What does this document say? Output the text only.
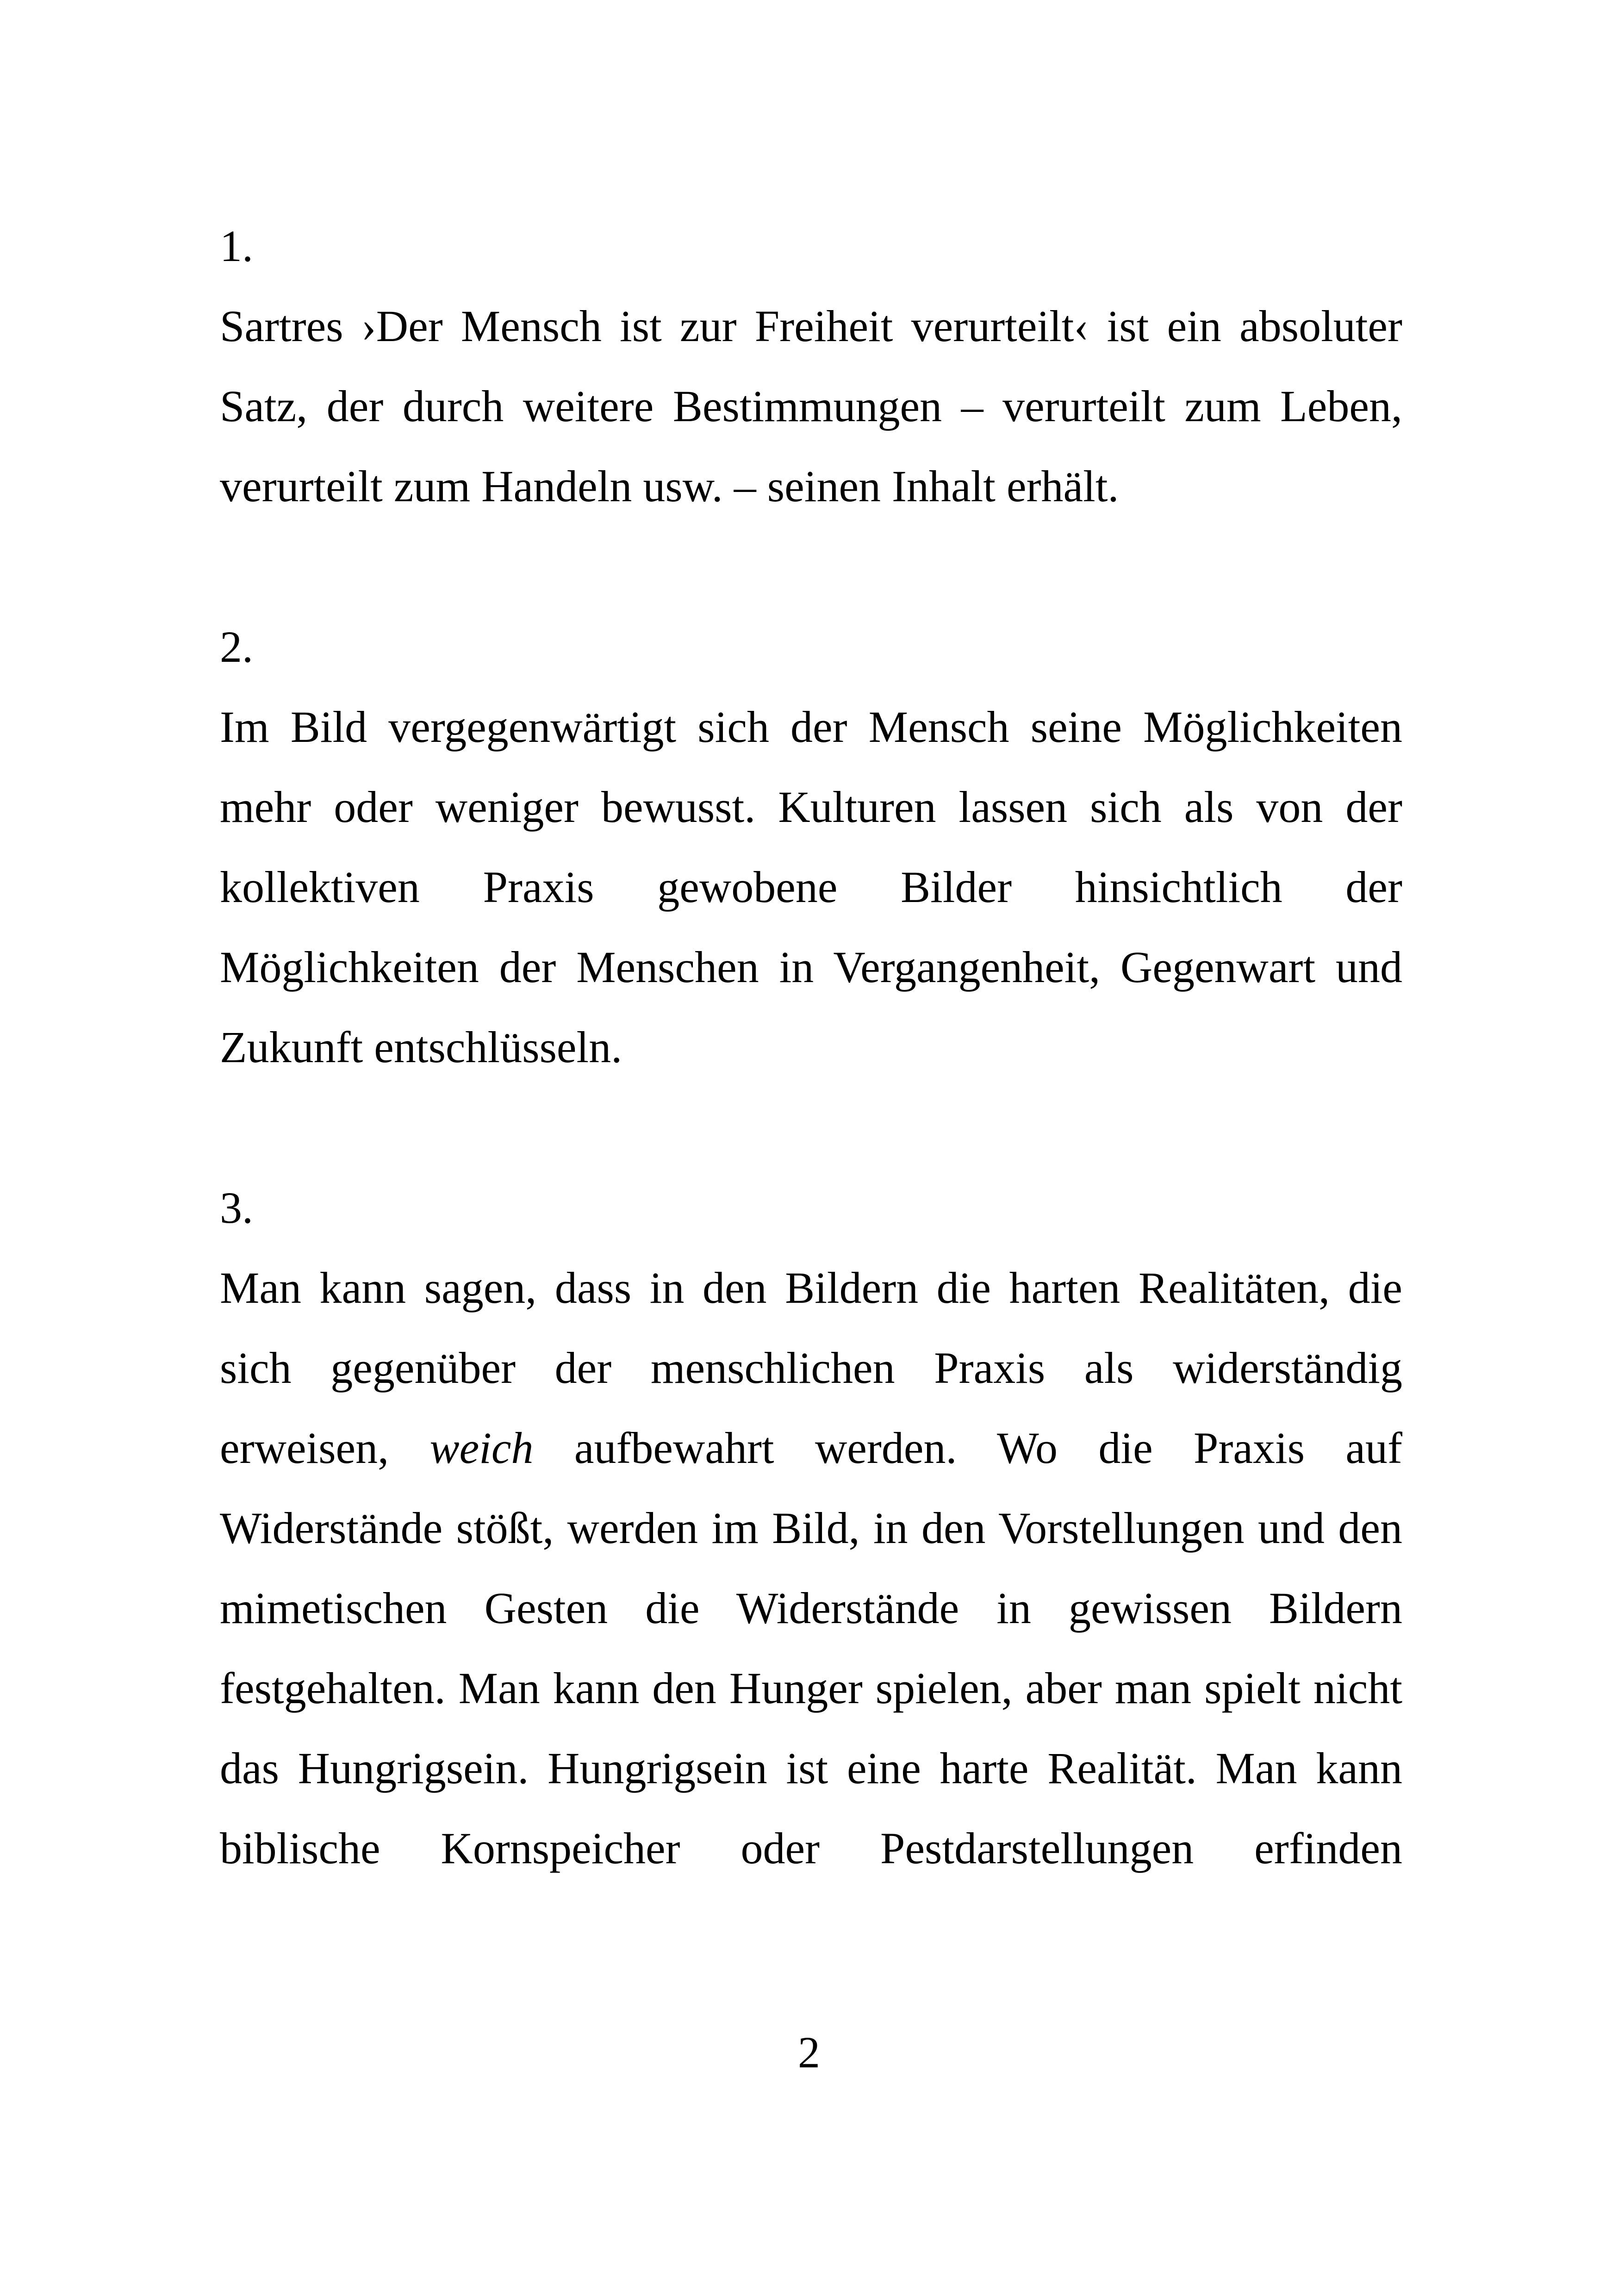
1.

Sartres ›Der Mensch ist zur Freiheit verurteilt‹ ist ein absoluter Satz, der durch weitere Bestimmungen – verurteilt zum Leben, verurteilt zum Handeln usw. – seinen Inhalt erhält.

2.

Im Bild vergegenwärtigt sich der Mensch seine Möglichkeiten mehr oder weniger bewusst. Kulturen lassen sich als von der kollektiven Praxis gewobene Bilder hinsichtlich der Möglichkeiten der Menschen in Vergangenheit, Gegenwart und Zukunft entschlüsseln.

3.

Man kann sagen, dass in den Bildern die harten Realitäten, die sich gegenüber der menschlichen Praxis als widerständig erweisen, weich aufbewahrt werden. Wo die Praxis auf Widerstände stößt, werden im Bild, in den Vorstellungen und den mimetischen Gesten die Widerstände in gewissen Bildern festgehalten. Man kann den Hunger spielen, aber man spielt nicht das Hungrigsein. Hungrigsein ist eine harte Realität. Man kann biblische Kornspeicher oder Pestdarstellungen erfinden

2
